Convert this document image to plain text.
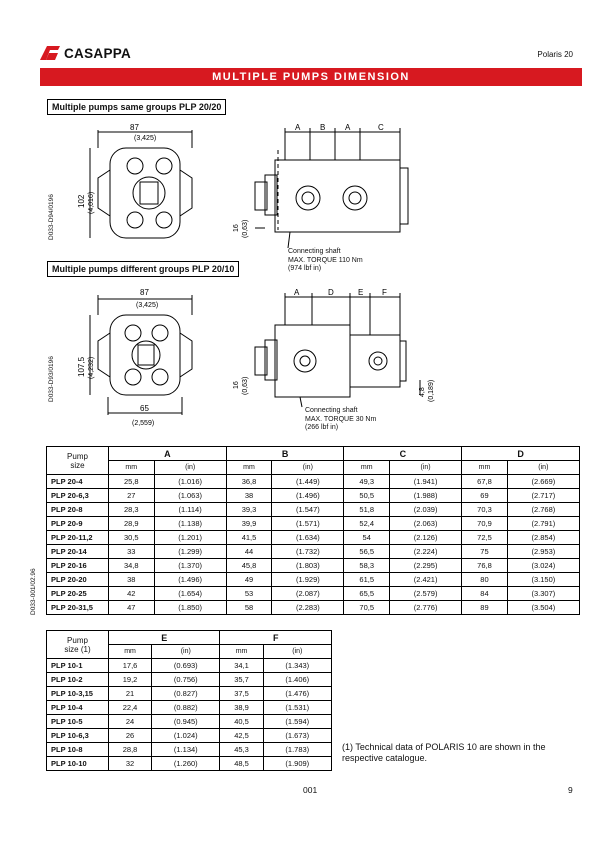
CASAPPA	Polaris 20
MULTIPLE PUMPS DIMENSION
Multiple pumps same groups PLP 20/20
87
(3,425)
102 (4,016)
16 (0,63)
A B A	C
D033-D94/0196
Connecting shaft
MAX. TORQUE 110 Nm
(974 lbf in)
Multiple pumps different groups PLP 20/10
87
(3,425)
107,5 (4,232)
65
(2,559)
16 (0,63)	4,8 (0,189)
A	D	E F
D033-D93/0196
Connecting shaft
MAX. TORQUE 30 Nm
(266 lbf in)
D033-001/02.96
Pump
size	A		B		C		D	
	mm	(in)	mm	(in)	mm	(in)	mm	(in)
PLP 20-4	25,8	(1.016)	36,8	(1.449)	49,3	(1.941)	67,8	(2.669)
PLP 20-6,3	27	(1.063)	38	(1.496)	50,5	(1.988)	69	(2.717)
PLP 20-8	28,3	(1.114)	39,3	(1.547)	51,8	(2.039)	70,3	(2.768)
PLP 20-9	28,9	(1.138)	39,9	(1.571)	52,4	(2.063)	70,9	(2.791)
PLP 20-11,2	30,5	(1.201)	41,5	(1.634)	54	(2.126)	72,5	(2.854)
PLP 20-14	33	(1.299)	44	(1.732)	56,5	(2.224)	75	(2.953)
PLP 20-16	34,8	(1.370)	45,8	(1.803)	58,3	(2.295)	76,8	(3.024)
PLP 20-20	38	(1.496)	49	(1.929)	61,5	(2.421)	80	(3.150)
PLP 20-25	42	(1.654)	53	(2.087)	65,5	(2.579)	84	(3.307)
PLP 20-31,5	47	(1.850)	58	(2.283)	70,5	(2.776)	89	(3.504)
Pump
size (1)	E		F	
	mm	(in)	mm	(in)
PLP 10-1	17,6	(0.693)	34,1	(1.343)
PLP 10-2	19,2	(0.756)	35,7	(1.406)
PLP 10-3,15	21	(0.827)	37,5	(1.476)
PLP 10-4	22,4	(0.882)	38,9	(1.531)
PLP 10-5	24	(0.945)	40,5	(1.594)
PLP 10-6,3	26	(1.024)	42,5	(1.673)
PLP 10-8	28,8	(1.134)	45,3	(1.783)
PLP 10-10	32	(1.260)	48,5	(1.909)
(1) Technical data of POLARIS 10 are shown in the respective catalogue.
001	9
